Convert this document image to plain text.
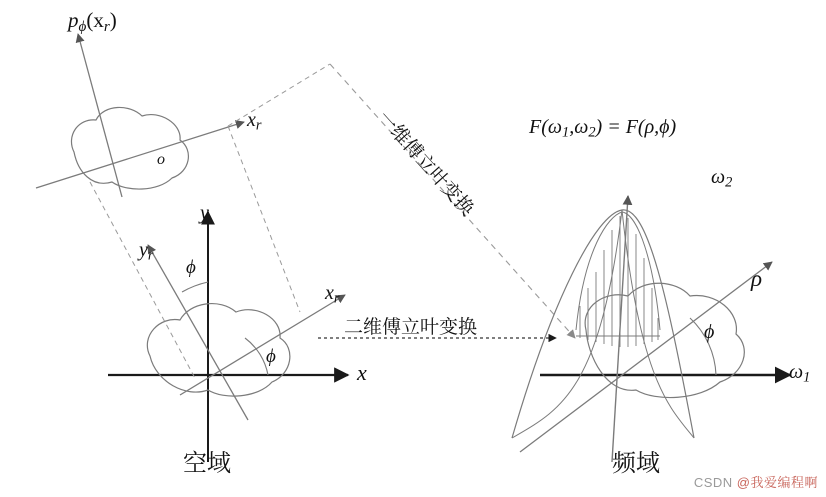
$p_\phi(x_r)$
$x_r$
o
y
$y_r$
ϕ
$x_r$
ϕ
x
一维傅立叶变换
二维傅立叶变换
空域	频域
$F(\omega_1,\omega_2) = F(\rho,\phi)$
$\omega_2$
ρ
ϕ
$\omega_1$
CSDN @我爱编程啊
